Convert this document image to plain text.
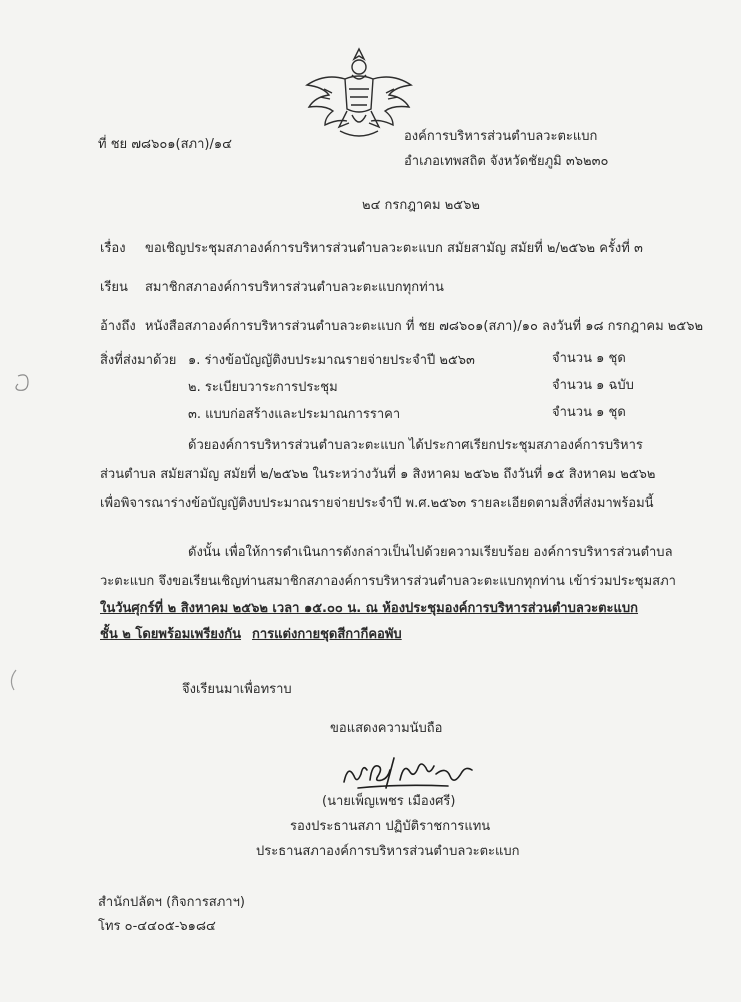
ที่ ชย ๗๘๖๐๑(สภา)/๑๔
องค์การบริหารส่วนตำบลวะตะแบก
อำเภอเทพสถิต จังหวัดชัยภูมิ ๓๖๒๓๐
๒๔ กรกฎาคม ๒๕๖๒
เรื่อง ขอเชิญประชุมสภาองค์การบริหารส่วนตำบลวะตะแบก สมัยสามัญ สมัยที่ ๒/๒๕๖๒ ครั้งที่ ๓
เรียน สมาชิกสภาองค์การบริหารส่วนตำบลวะตะแบกทุกท่าน
อ้างถึง หนังสือสภาองค์การบริหารส่วนตำบลวะตะแบก ที่ ชย ๗๘๖๐๑(สภา)/๑๐ ลงวันที่ ๑๘ กรกฎาคม ๒๕๖๒
สิ่งที่ส่งมาด้วย ๑. ร่างข้อบัญญัติงบประมาณรายจ่ายประจำปี ๒๕๖๓	จำนวน ๑ ชุด
๒. ระเบียบวาระการประชุม	จำนวน ๑ ฉบับ
๓. แบบก่อสร้างและประมาณการราคา	จำนวน ๑ ชุด
ด้วยองค์การบริหารส่วนตำบลวะตะแบก ได้ประกาศเรียกประชุมสภาองค์การบริหาร
ส่วนตำบล สมัยสามัญ สมัยที่ ๒/๒๕๖๒ ในระหว่างวันที่ ๑ สิงหาคม ๒๕๖๒ ถึงวันที่ ๑๕ สิงหาคม ๒๕๖๒
เพื่อพิจารณาร่างข้อบัญญัติงบประมาณรายจ่ายประจำปี พ.ศ.๒๕๖๓ รายละเอียดตามสิ่งที่ส่งมาพร้อมนี้
ดังนั้น เพื่อให้การดำเนินการดังกล่าวเป็นไปด้วยความเรียบร้อย องค์การบริหารส่วนตำบล
วะตะแบก จึงขอเรียนเชิญท่านสมาชิกสภาองค์การบริหารส่วนตำบลวะตะแบกทุกท่าน เข้าร่วมประชุมสภา
ในวันศุกร์ที่ ๒ สิงหาคม ๒๕๖๒ เวลา ๑๕.๐๐ น. ณ ห้องประชุมองค์การบริหารส่วนตำบลวะตะแบก
ชั้น ๒ โดยพร้อมเพรียงกัน การแต่งกายชุดสีกากีคอพับ
จึงเรียนมาเพื่อทราบ
ขอแสดงความนับถือ
(นายเพ็ญเพชร เมืองศรี)
รองประธานสภา ปฏิบัติราชการแทน
ประธานสภาองค์การบริหารส่วนตำบลวะตะแบก
สำนักปลัดฯ (กิจการสภาฯ)
โทร ๐-๔๔๐๕-๖๑๘๔
